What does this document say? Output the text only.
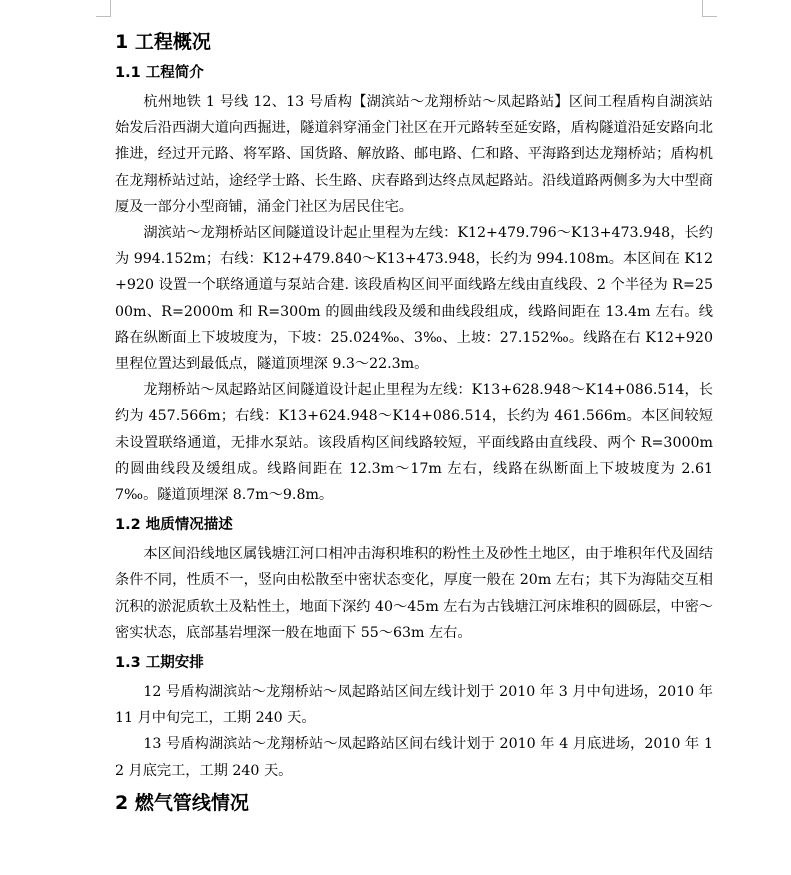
1 工程概况
1.1 工程简介

杭州地铁 1 号线 12、13 号盾构【湖滨站～龙翔桥站～凤起路站】区间工程盾构自湖滨站始发后沿西湖大道向西掘进，隧道斜穿涌金门社区在开元路转至延安路，盾构隧道沿延安路向北推进，经过开元路、将军路、国货路、解放路、邮电路、仁和路、平海路到达龙翔桥站；盾构机在龙翔桥站过站，途经学士路、长生路、庆春路到达终点凤起路站。沿线道路两侧多为大中型商厦及一部分小型商铺，涌金门社区为居民住宅。

湖滨站～龙翔桥站区间隧道设计起止里程为左线：K12+479.796～K13+473.948，长约为 994.152m；右线：K12+479.840～K13+473.948，长约为 994.108m。本区间在 K12+920 设置一个联络通道与泵站合建. 该段盾构区间平面线路左线由直线段、2 个半径为 R=2500m、R=2000m 和 R=300m 的圆曲线段及缓和曲线段组成，线路间距在 13.4m 左右。线路在纵断面上下坡坡度为，下坡：25.024‰、3‰、上坡：27.152‰。线路在右 K12+920 里程位置达到最低点，隧道顶埋深 9.3～22.3m。

龙翔桥站～凤起路站区间隧道设计起止里程为左线：K13+628.948～K14+086.514，长约为 457.566m；右线：K13+624.948～K14+086.514，长约为 461.566m。本区间较短未设置联络通道，无排水泵站。该段盾构区间线路较短，平面线路由直线段、两个 R=3000m 的圆曲线段及缓组成。线路间距在 12.3m～17m 左右，线路在纵断面上下坡坡度为 2.617‰。隧道顶埋深 8.7m～9.8m。

1.2 地质情况描述

本区间沿线地区属钱塘江河口相冲击海积堆积的粉性土及砂性土地区，由于堆积年代及固结条件不同，性质不一，竖向由松散至中密状态变化，厚度一般在 20m 左右；其下为海陆交互相沉积的淤泥质软土及粘性土，地面下深约 40～45m 左右为古钱塘江河床堆积的圆砾层，中密～密实状态，底部基岩埋深一般在地面下 55～63m 左右。

1.3 工期安排

12 号盾构湖滨站～龙翔桥站～凤起路站区间左线计划于 2010 年 3 月中旬进场，2010 年 11 月中旬完工，工期 240 天。

13 号盾构湖滨站～龙翔桥站～凤起路站区间右线计划于 2010 年 4 月底进场，2010 年 12 月底完工，工期 240 天。

2 燃气管线情况
